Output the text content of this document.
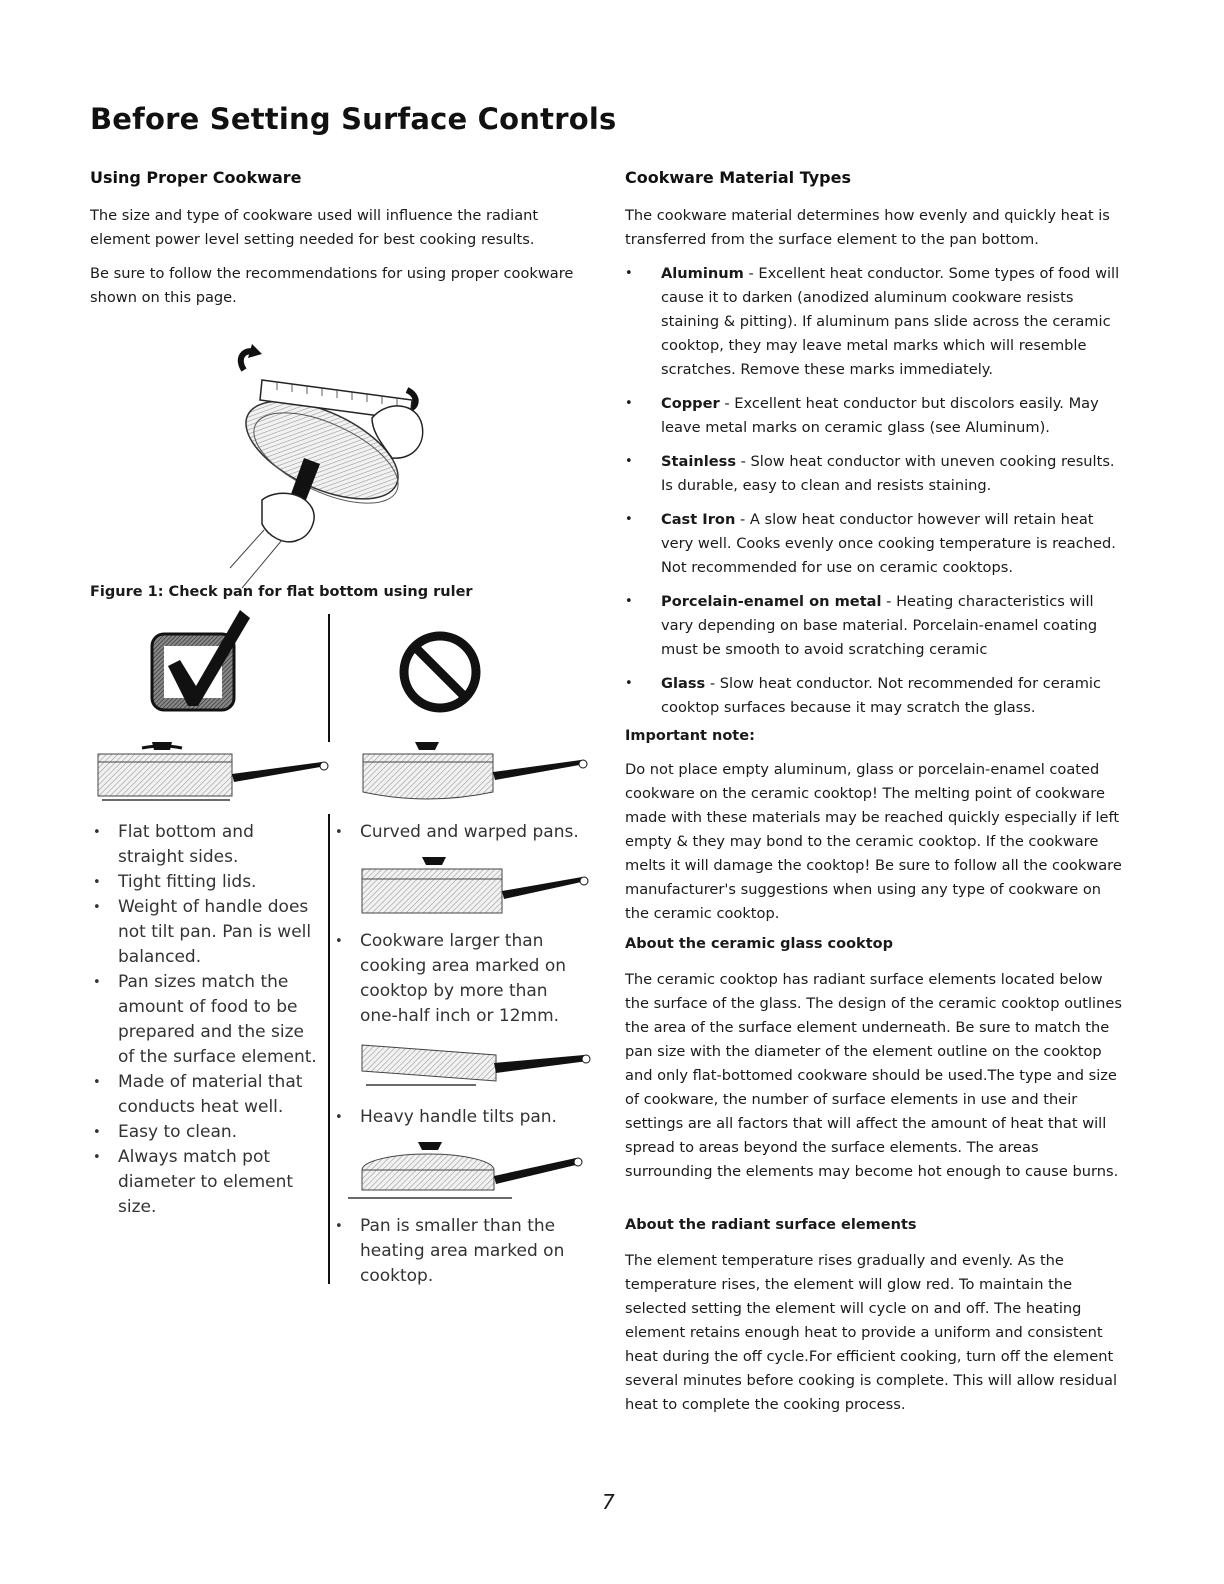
Before Setting Surface Controls
Using Proper Cookware

The size and type of cookware used will influence the radiant element power level setting needed for best cooking results.

Be sure to follow the recommendations for using proper cookware shown on this page.

Figure 1: Check pan for flat bottom using ruler

• Flat bottom and straight sides.
• Tight fitting lids.
• Weight of handle does not tilt pan. Pan is well balanced.
• Pan sizes match the amount of food to be prepared and the size of the surface element.
• Made of material that conducts heat well.
• Easy to clean.
• Always match pot diameter to element size.
• Curved and warped pans.
• Cookware larger than cooking area marked on cooktop by more than one-half inch or 12mm.
• Heavy handle tilts pan.
• Pan is smaller than the heating area marked on cooktop.
Cookware Material Types

The cookware material determines how evenly and quickly heat is transferred from the surface element to the pan bottom.

• Aluminum - Excellent heat conductor. Some types of food will cause it to darken (anodized aluminum cookware resists staining & pitting). If aluminum pans slide across the ceramic cooktop, they may leave metal marks which will resemble scratches. Remove these marks immediately.
• Copper - Excellent heat conductor but discolors easily. May leave metal marks on ceramic glass (see Aluminum).
• Stainless - Slow heat conductor with uneven cooking results. Is durable, easy to clean and resists staining.
• Cast Iron - A slow heat conductor however will retain heat very well. Cooks evenly once cooking temperature is reached. Not recommended for use on ceramic cooktops.
• Porcelain-enamel on metal - Heating characteristics will vary depending on base material. Porcelain-enamel coating must be smooth to avoid scratching ceramic
• Glass - Slow heat conductor. Not recommended for ceramic cooktop surfaces because it may scratch the glass.

Important note:

Do not place empty aluminum, glass or porcelain-enamel coated cookware on the ceramic cooktop! The melting point of cookware made with these materials may be reached quickly especially if left empty & they may bond to the ceramic cooktop. If the cookware melts it will damage the cooktop! Be sure to follow all the cookware manufacturer's suggestions when using any type of cookware on the ceramic cooktop.

About the ceramic glass cooktop

The ceramic cooktop has radiant surface elements located below the surface of the glass. The design of the ceramic cooktop outlines the area of the surface element underneath. Be sure to match the pan size with the diameter of the element outline on the cooktop and only flat-bottomed cookware should be used.The type and size of cookware, the number of surface elements in use and their settings are all factors that will affect the amount of heat that will spread to areas beyond the surface elements. The areas surrounding the elements may become hot enough to cause burns.

About the radiant surface elements

The element temperature rises gradually and evenly. As the temperature rises, the element will glow red. To maintain the selected setting the element will cycle on and off. The heating element retains enough heat to provide a uniform and consistent heat during the off cycle.For efficient cooking, turn off the element several minutes before cooking is complete. This will allow residual heat to complete the cooking process.

7
